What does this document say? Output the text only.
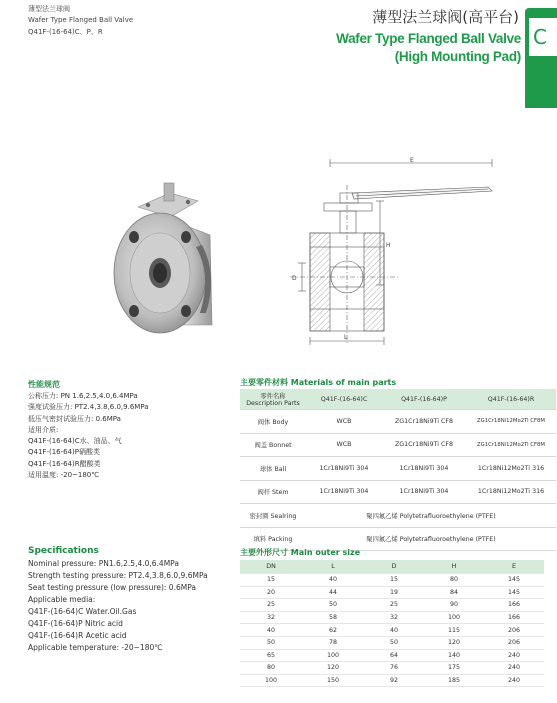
薄型法兰球阀
Wafer Type Flanged Ball Valve
Q41F-(16-64)C、P、R
薄型法兰球阀(高平台)
Wafer Type Flanged Ball Valve
(High Mounting Pad)
C
E
H
D
L
性能规范
公称压力: PN 1.6,2.5,4.0,6.4MPa
强度试验压力: PT2.4,3.8,6.0,9.6MPa
低压气密封试验压力: 0.6MPa
适用介质:
Q41F-(16-64)C水、油品、气
Q41F-(16-64)P硝酸类
Q41F-(16-64)R醋酸类
适用温度: -20~180℃
Specifications
Nominal pressure: PN1.6,2.5,4.0,6.4MPa
Strength testing pressure: PT2.4,3.8,6.0,9.6MPa
Seat testing pressure (low pressure): 0.6MPa
Applicable media:
Q41F-(16-64)C Water.Oil.Gas
Q41F-(16-64)P Nitric acid
Q41F-(16-64)R Acetic acid
Applicable temperature: -20~180℃
主要零件材料 Materials of main parts
零件名称
Description Parts	Q41F-(16-64)C	Q41F-(16-64)P	Q41F-(16-64)R
阀体 Body	WCB	ZG1Cr18Ni9Ti CF8	ZG1Cr18Ni12Mo2Ti CF8M
阀盖 Bonnet	WCB	ZG1Cr18Ni9Ti CF8	ZG1Cr18Ni12Mo2Ti CF8M
球体 Ball	1Cr18Ni9Ti 304	1Cr18Ni9Ti 304	1Cr18Ni12Mo2Ti 316
阀杆 Stem	1Cr18Ni9Ti 304	1Cr18Ni9Ti 304	1Cr18Ni12Mo2Ti 316
密封圈 Sealring	聚四氟乙烯 Polytetrafluoroethylene (PTFE)		
填料 Packing	聚四氟乙烯 Polytetrafluoroethylene (PTFE)		
主要外形尺寸 Main outer size
DN	L	D	H	E
15	40	15	80	145
20	44	19	84	145
25	50	25	90	166
32	58	32	100	166
40	62	40	115	206
50	78	50	120	206
65	100	64	140	240
80	120	76	175	240
100	150	92	185	240
